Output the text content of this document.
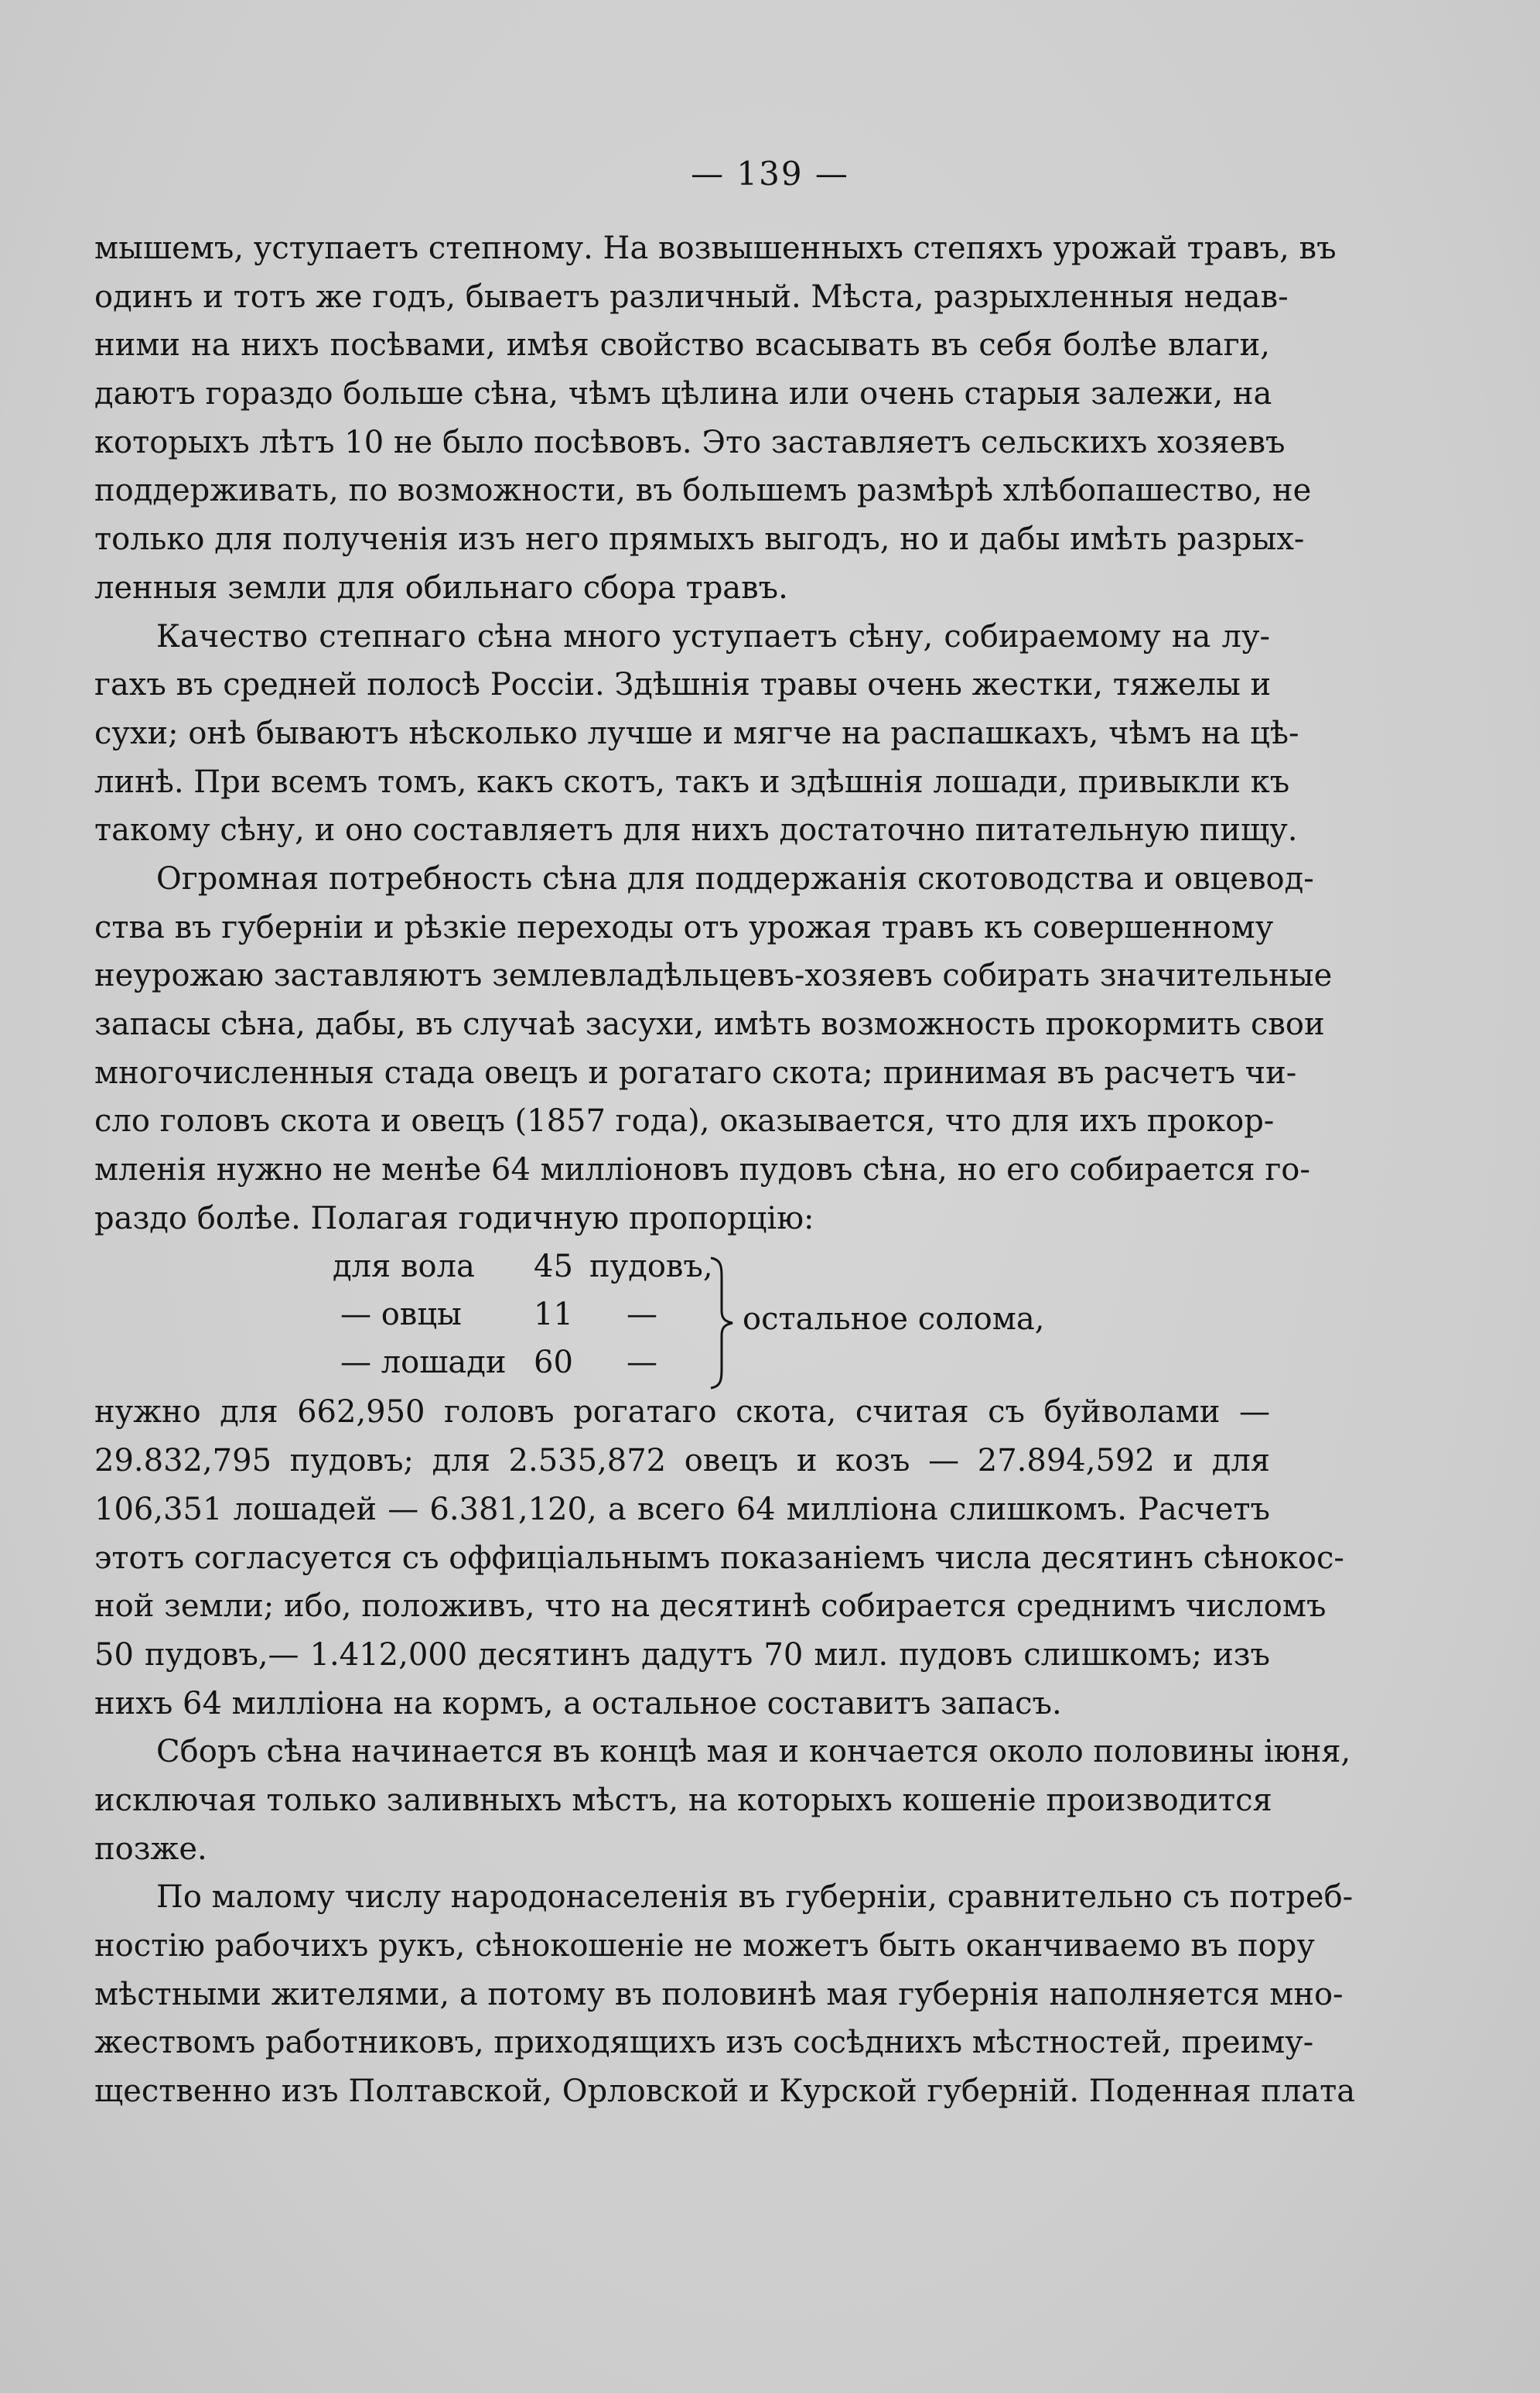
— 139 —
мышемъ, уступаетъ степному. На возвышенныхъ степяхъ урожай травъ, въ
одинъ и тотъ же годъ, бываетъ различный. Мѣста, разрыхленныя недав-
ними на нихъ посѣвами, имѣя свойство всасывать въ себя болѣе влаги,
даютъ гораздо больше сѣна, чѣмъ цѣлина или очень старыя залежи, на
которыхъ лѣтъ 10 не было посѣвовъ. Это заставляетъ сельскихъ хозяевъ
поддерживать, по возможности, въ большемъ размѣрѣ хлѣбопашество, не
только для полученія изъ него прямыхъ выгодъ, но и дабы имѣть разрых-
ленныя земли для обильнаго сбора травъ.
Качество степнаго сѣна много уступаетъ сѣну, собираемому на лу-
гахъ въ средней полосѣ Россіи. Здѣшнія травы очень жестки, тяжелы и
сухи; онѣ бываютъ нѣсколько лучше и мягче на распашкахъ, чѣмъ на цѣ-
линѣ. При всемъ томъ, какъ скотъ, такъ и здѣшнія лошади, привыкли къ
такому сѣну, и оно составляетъ для нихъ достаточно питательную пищу.
Огромная потребность сѣна для поддержанія скотоводства и овцевод-
ства въ губерніи и рѣзкіе переходы отъ урожая травъ къ совершенному
неурожаю заставляютъ землевладѣльцевъ-хозяевъ собирать значительные
запасы сѣна, дабы, въ случаѣ засухи, имѣть возможность прокормить свои
многочисленныя стада овецъ и рогатаго скота; принимая въ расчетъ чи-
сло головъ скота и овецъ (1857 года), оказывается, что для ихъ прокор-
мленія нужно не менѣе 64 милліоновъ пудовъ сѣна, но его собирается го-
раздо болѣе. Полагая годичную пропорцію:
для вола 45 пудовъ,
— овцы 11 —
— лошади 60 —
остальное солома,
нужно для 662,950 головъ рогатаго скота, считая съ буйволами —
29.832,795 пудовъ; для 2.535,872 овецъ и козъ — 27.894,592 и для
106,351 лошадей — 6.381,120, а всего 64 милліона слишкомъ. Расчетъ
этотъ согласуется съ оффиціальнымъ показаніемъ числа десятинъ сѣнокос-
ной земли; ибо, положивъ, что на десятинѣ собирается среднимъ числомъ
50 пудовъ,— 1.412,000 десятинъ дадутъ 70 мил. пудовъ слишкомъ; изъ
нихъ 64 милліона на кормъ, а остальное составитъ запасъ.
Сборъ сѣна начинается въ концѣ мая и кончается около половины іюня,
исключая только заливныхъ мѣстъ, на которыхъ кошеніе производится
позже.
По малому числу народонаселенія въ губерніи, сравнительно съ потреб-
ностію рабочихъ рукъ, сѣнокошеніе не можетъ быть оканчиваемо въ пору
мѣстными жителями, а потому въ половинѣ мая губернія наполняется мно-
жествомъ работниковъ, приходящихъ изъ сосѣднихъ мѣстностей, преиму-
щественно изъ Полтавской, Орловской и Курской губерній. Поденная плата
